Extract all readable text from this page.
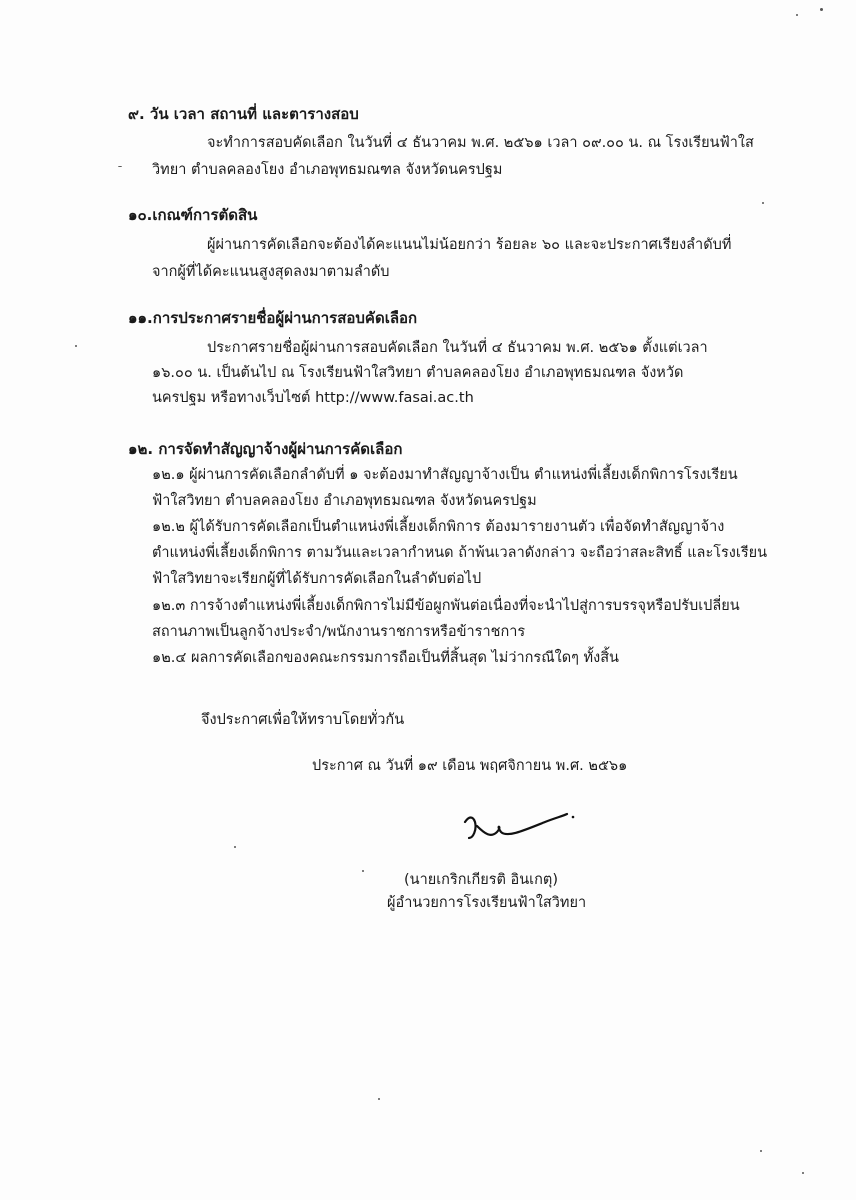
๙. วัน เวลา สถานที่ และตารางสอบ
จะทำการสอบคัดเลือก ในวันที่ ๔ ธันวาคม พ.ศ. ๒๕๖๑ เวลา ๐๙.๐๐ น. ณ โรงเรียนฟ้าใส
วิทยา ตำบลคลองโยง อำเภอพุทธมณฑล จังหวัดนครปฐม
๑๐.เกณฑ์การตัดสิน
ผู้ผ่านการคัดเลือกจะต้องได้คะแนนไม่น้อยกว่า ร้อยละ ๖๐ และจะประกาศเรียงลำดับที่
จากผู้ที่ได้คะแนนสูงสุดลงมาตามลำดับ
๑๑.การประกาศรายชื่อผู้ผ่านการสอบคัดเลือก
ประกาศรายชื่อผู้ผ่านการสอบคัดเลือก ในวันที่ ๔ ธันวาคม พ.ศ. ๒๕๖๑ ตั้งแต่เวลา
๑๖.๐๐ น. เป็นต้นไป ณ โรงเรียนฟ้าใสวิทยา ตำบลคลองโยง อำเภอพุทธมณฑล จังหวัด
นครปฐม หรือทางเว็บไซต์ http://www.fasai.ac.th
๑๒. การจัดทำสัญญาจ้างผู้ผ่านการคัดเลือก
๑๒.๑ ผู้ผ่านการคัดเลือกลำดับที่ ๑ จะต้องมาทำสัญญาจ้างเป็น ตำแหน่งพี่เลี้ยงเด็กพิการโรงเรียน
ฟ้าใสวิทยา ตำบลคลองโยง อำเภอพุทธมณฑล จังหวัดนครปฐม
๑๒.๒ ผู้ได้รับการคัดเลือกเป็นตำแหน่งพี่เลี้ยงเด็กพิการ ต้องมารายงานตัว เพื่อจัดทำสัญญาจ้าง
ตำแหน่งพี่เลี้ยงเด็กพิการ ตามวันและเวลากำหนด ถ้าพ้นเวลาดังกล่าว จะถือว่าสละสิทธิ์ และโรงเรียน
ฟ้าใสวิทยาจะเรียกผู้ที่ได้รับการคัดเลือกในลำดับต่อไป
๑๒.๓ การจ้างตำแหน่งพี่เลี้ยงเด็กพิการไม่มีข้อผูกพันต่อเนื่องที่จะนำไปสู่การบรรจุหรือปรับเปลี่ยน
สถานภาพเป็นลูกจ้างประจำ/พนักงานราชการหรือข้าราชการ
๑๒.๔ ผลการคัดเลือกของคณะกรรมการถือเป็นที่สิ้นสุด ไม่ว่ากรณีใดๆ ทั้งสิ้น
จึงประกาศเพื่อให้ทราบโดยทั่วกัน
ประกาศ ณ วันที่ ๑๙ เดือน พฤศจิกายน พ.ศ. ๒๕๖๑
(นายเกริกเกียรติ อินเกตุ)
ผู้อำนวยการโรงเรียนฟ้าใสวิทยา
